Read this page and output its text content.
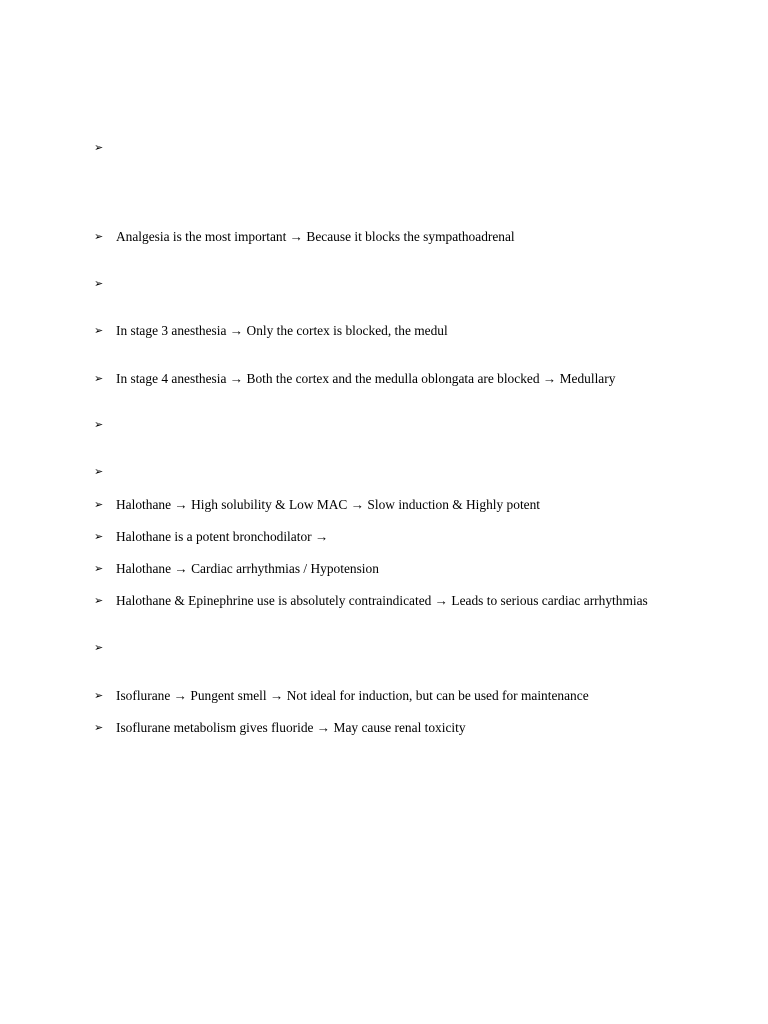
➢
➢ Analgesia is the most important → Because it blocks the sympathoadrenal
➢
➢ In stage 3 anesthesia → Only the cortex is blocked, the medul
➢ In stage 4 anesthesia → Both the cortex and the medulla oblongata are blocked → Medullary
➢
➢
➢ Halothane → High solubility & Low MAC → Slow induction & Highly potent
➢ Halothane is a potent bronchodilator →
➢ Halothane → Cardiac arrhythmias / Hypotension
➢ Halothane & Epinephrine use is absolutely contraindicated → Leads to serious cardiac arrhythmias
➢
➢ Isoflurane → Pungent smell → Not ideal for induction, but can be used for maintenance
➢ Isoflurane metabolism gives fluoride → May cause renal toxicity
